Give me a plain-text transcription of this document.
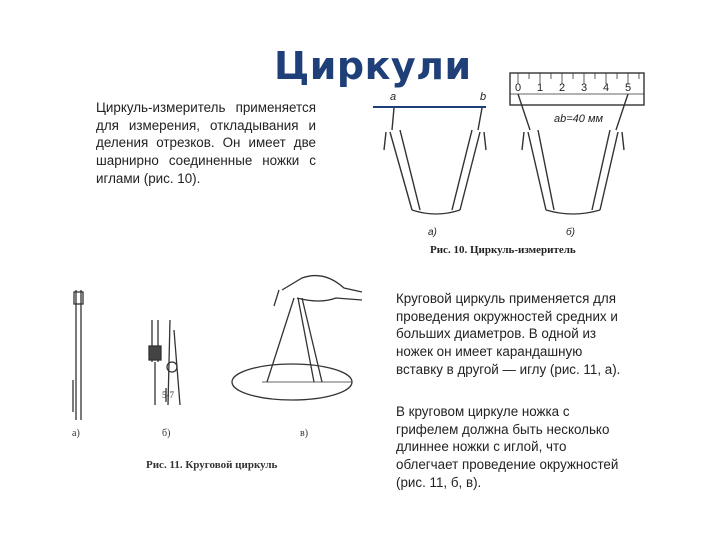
Циркули

Циркуль-измеритель применяется для измерения, откладывания и деления отрезков. Он имеет две шарнирно соединенные ножки с иглами (рис. 10).

0 1 2 3 4 5
ab=40 мм
a	b
a)	б)
Рис. 10. Циркуль-измеритель
5-7
а)	б)	в)
Рис. 11. Круговой циркуль

Круговой циркуль применяется для проведения окружностей средних и больших диаметров. В одной из ножек он имеет карандашную вставку в другой — иглу (рис. 11, а).

В круговом циркуле ножка с грифелем должна быть несколько длиннее ножки с иглой, что облегчает проведение окружностей (рис. 11, б, в).
